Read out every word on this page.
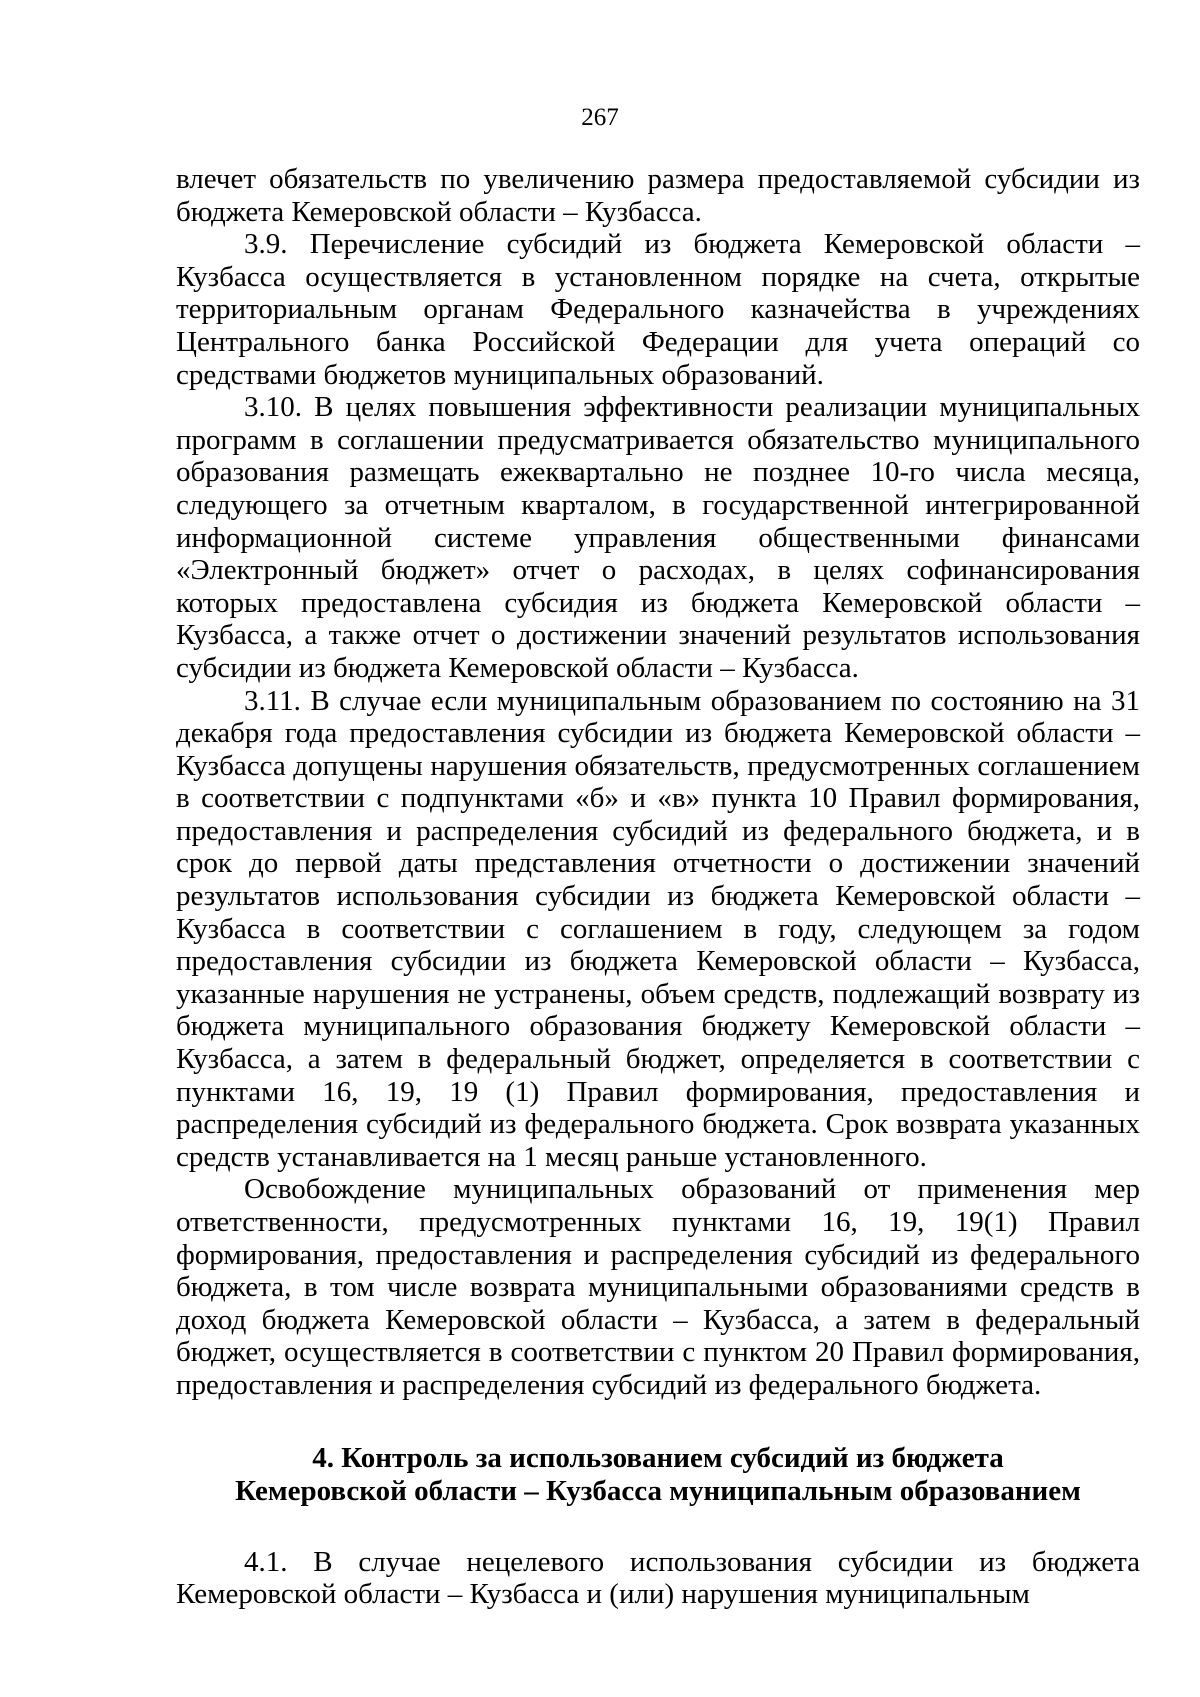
267

влечет обязательств по увеличению размера предоставляемой субсидии из бюджета Кемеровской области – Кузбасса.

3.9. Перечисление субсидий из бюджета Кемеровской области – Кузбасса осуществляется в установленном порядке на счета, открытые территориальным органам Федерального казначейства в учреждениях Центрального банка Российской Федерации для учета операций со средствами бюджетов муниципальных образований.

3.10. В целях повышения эффективности реализации муниципальных программ в соглашении предусматривается обязательство муниципального образования размещать ежеквартально не позднее 10-го числа месяца, следующего за отчетным кварталом, в государственной интегрированной информационной системе управления общественными финансами «Электронный бюджет» отчет о расходах, в целях софинансирования которых предоставлена субсидия из бюджета Кемеровской области – Кузбасса, а также отчет о достижении значений результатов использования субсидии из бюджета Кемеровской области – Кузбасса.

3.11. В случае если муниципальным образованием по состоянию на 31 декабря года предоставления субсидии из бюджета Кемеровской области – Кузбасса допущены нарушения обязательств, предусмотренных соглашением в соответствии с подпунктами «б» и «в» пункта 10 Правил формирования, предоставления и распределения субсидий из федерального бюджета, и в срок до первой даты представления отчетности о достижении значений результатов использования субсидии из бюджета Кемеровской области – Кузбасса в соответствии с соглашением в году, следующем за годом предоставления субсидии из бюджета Кемеровской области – Кузбасса, указанные нарушения не устранены, объем средств, подлежащий возврату из бюджета муниципального образования бюджету Кемеровской области – Кузбасса, а затем в федеральный бюджет, определяется в соответствии с пунктами 16, 19, 19 (1) Правил формирования, предоставления и распределения субсидий из федерального бюджета. Срок возврата указанных средств устанавливается на 1 месяц раньше установленного.

Освобождение муниципальных образований от применения мер ответственности, предусмотренных пунктами 16, 19, 19(1) Правил формирования, предоставления и распределения субсидий из федерального бюджета, в том числе возврата муниципальными образованиями средств в доход бюджета Кемеровской области – Кузбасса, а затем в федеральный бюджет, осуществляется в соответствии с пунктом 20 Правил формирования, предоставления и распределения субсидий из федерального бюджета.

4. Контроль за использованием субсидий из бюджета
Кемеровской области – Кузбасса муниципальным образованием

4.1. В случае нецелевого использования субсидии из бюджета Кемеровской области – Кузбасса и (или) нарушения муниципальным
